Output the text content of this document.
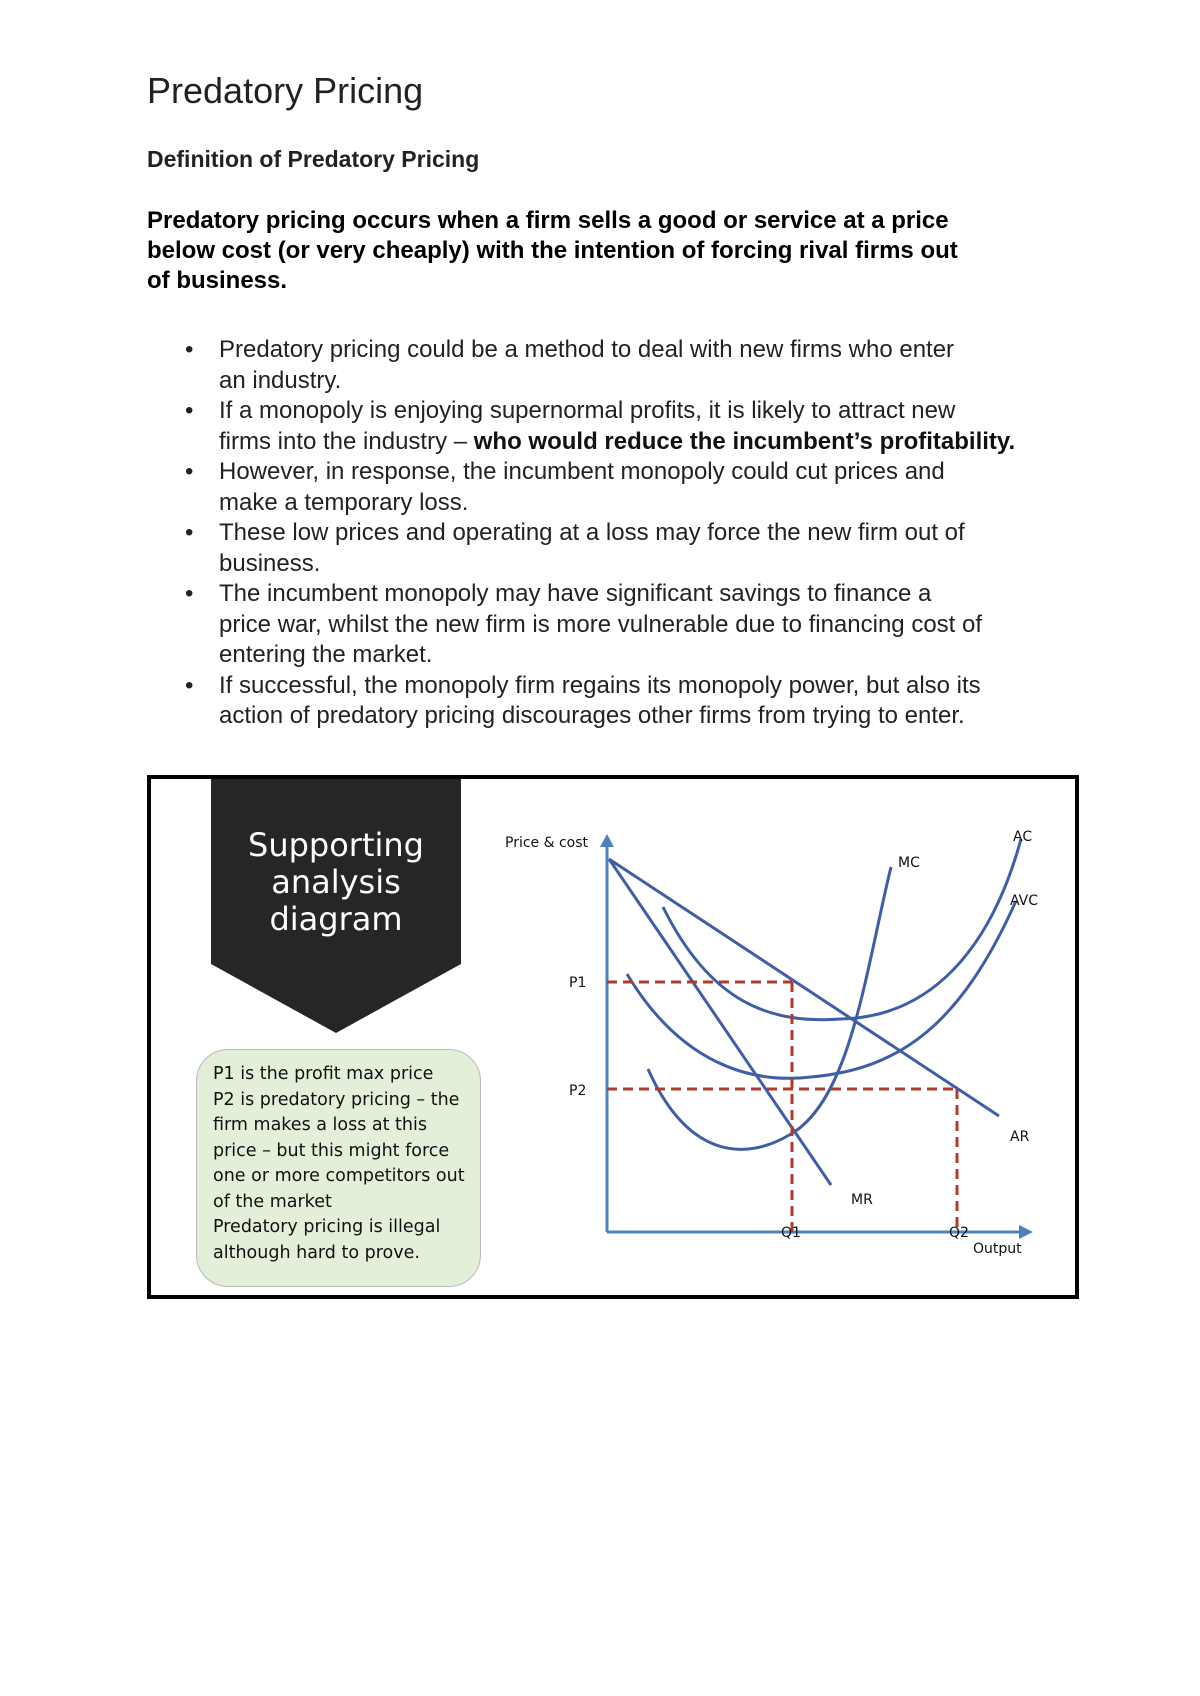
Predatory Pricing
Definition of Predatory Pricing
Predatory pricing occurs when a firm sells a good or service at a price
below cost (or very cheaply) with the intention of forcing rival firms out
of business.
• Predatory pricing could be a method to deal with new firms who enter
an industry.
• If a monopoly is enjoying supernormal profits, it is likely to attract new
firms into the industry – who would reduce the incumbent’s profitability.
• However, in response, the incumbent monopoly could cut prices and
make a temporary loss.
• These low prices and operating at a loss may force the new firm out of
business.
• The incumbent monopoly may have significant savings to finance a
price war, whilst the new firm is more vulnerable due to financing cost of
entering the market.
• If successful, the monopoly firm regains its monopoly power, but also its
action of predatory pricing discourages other firms from trying to enter.
Supporting
analysis
diagram
Price & cost
Output
P1
P2
Q1	Q2
AR
MR
MC
AC
AVC
P1 is the profit max price
P2 is predatory pricing – the
firm makes a loss at this
price – but this might force
one or more competitors out
of the market
Predatory pricing is illegal
although hard to prove.
